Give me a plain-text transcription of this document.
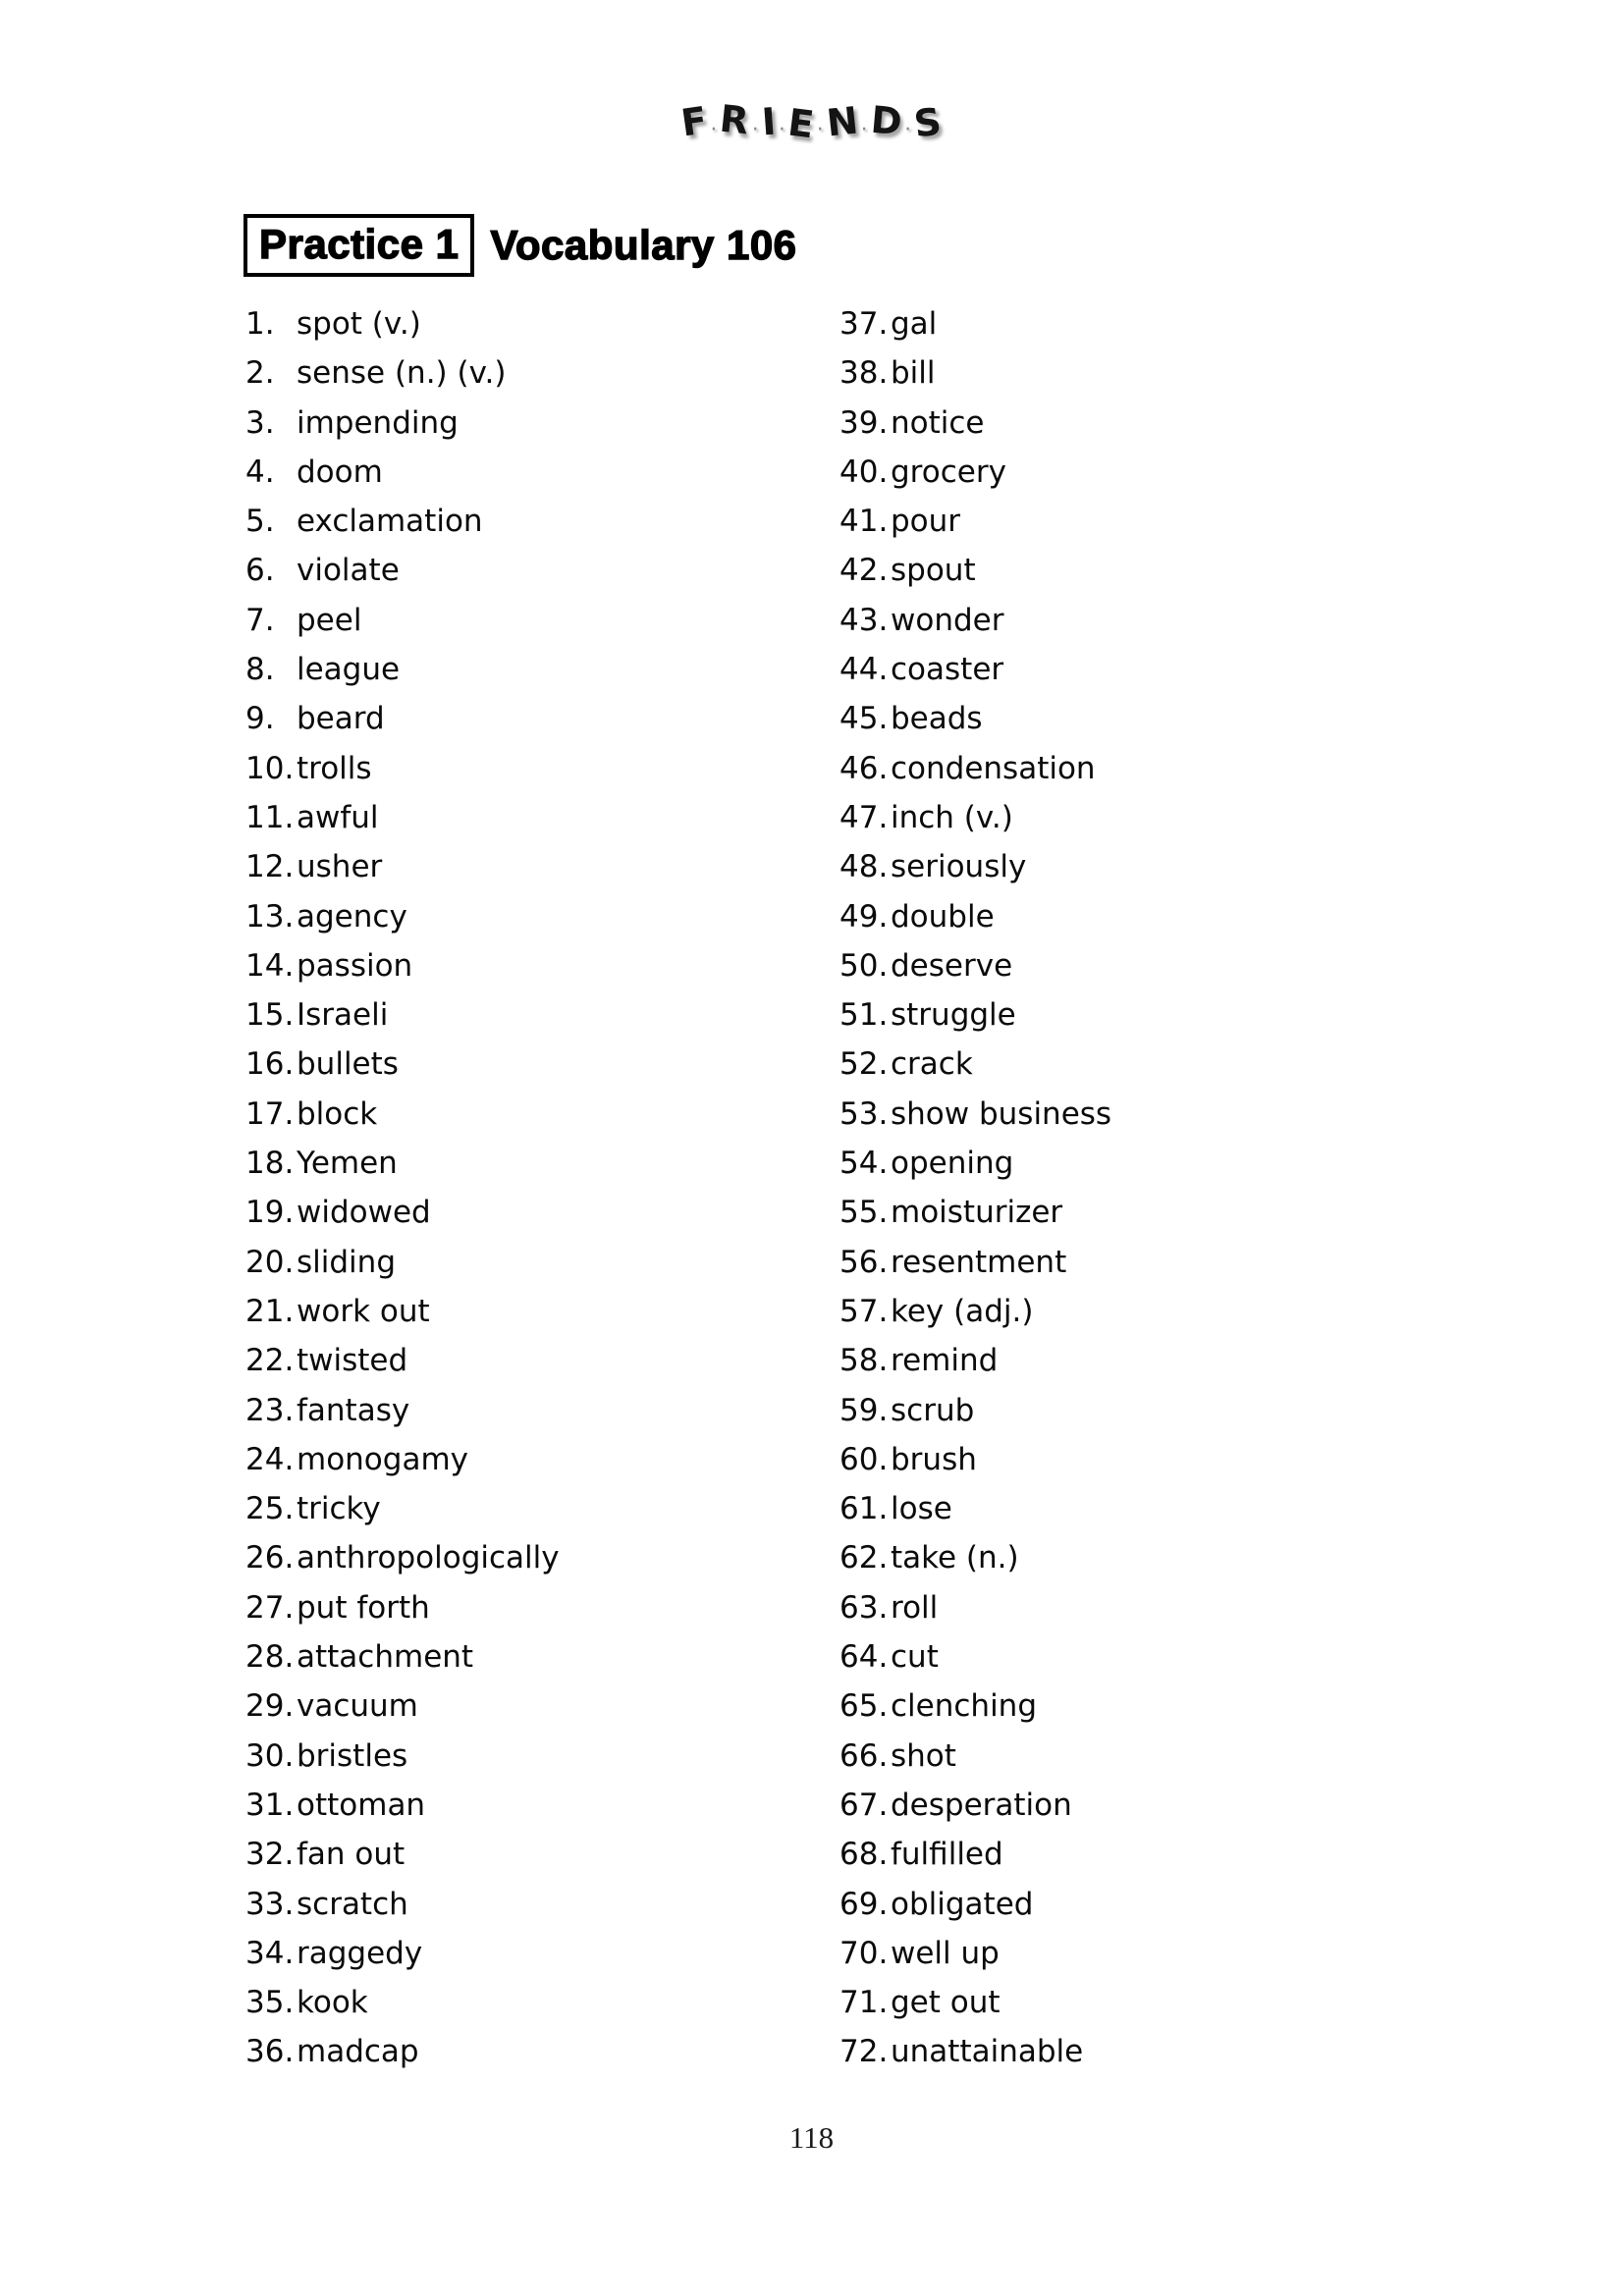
F·R·I·E·N·D·S
Practice 1 Vocabulary 106
1. spot (v.)
2. sense (n.) (v.)
3. impending
4. doom
5. exclamation
6. violate
7. peel
8. league
9. beard
10.trolls
11.awful
12.usher
13.agency
14.passion
15.Israeli
16.bullets
17.block
18.Yemen
19.widowed
20.sliding
21.work out
22.twisted
23.fantasy
24.monogamy
25.tricky
26.anthropologically
27.put forth
28.attachment
29.vacuum
30.bristles
31.ottoman
32.fan out
33.scratch
34.raggedy
35.kook
36.madcap
37.gal
38.bill
39.notice
40.grocery
41.pour
42.spout
43.wonder
44.coaster
45.beads
46.condensation
47.inch (v.)
48.seriously
49.double
50.deserve
51.struggle
52.crack
53.show business
54.opening
55.moisturizer
56.resentment
57.key (adj.)
58.remind
59.scrub
60.brush
61.lose
62.take (n.)
63.roll
64.cut
65.clenching
66.shot
67.desperation
68.fulfilled
69.obligated
70.well up
71.get out
72.unattainable
118
